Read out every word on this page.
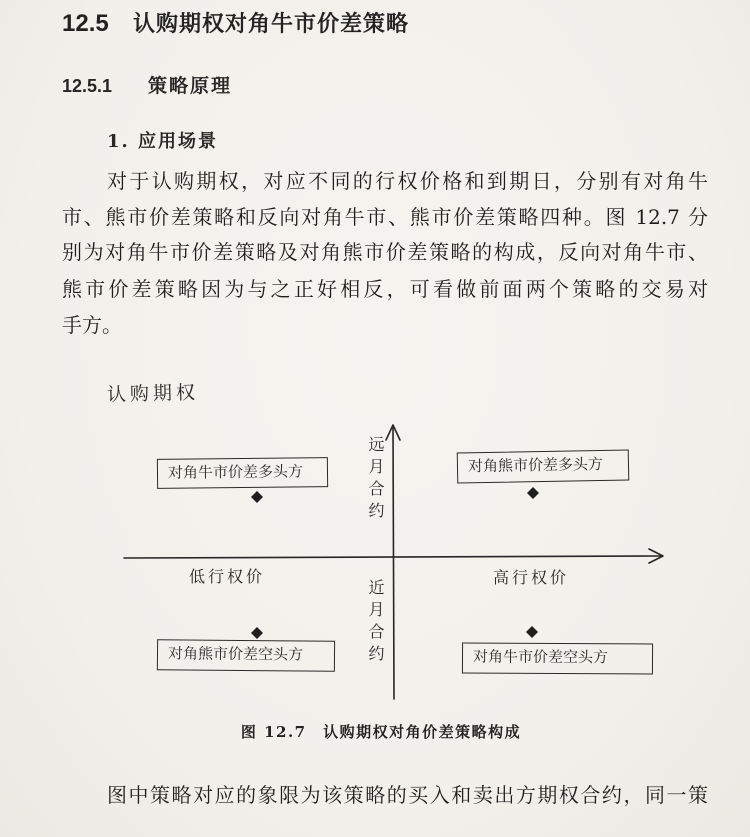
12.5 认购期权对角牛市价差策略
12.5.1 策略原理
1. 应用场景
对于认购期权，对应不同的行权价格和到期日，分别有对角牛
市、熊市价差策略和反向对角牛市、熊市价差策略四种。图 12.7 分
别为对角牛市价差策略及对角熊市价差策略的构成，反向对角牛市、
熊市价差策略因为与之正好相反，可看做前面两个策略的交易对
手方。
认购期权
远月合约
近月合约
低行权价	高行权价
对角牛市价差多头方	对角熊市价差多头方
对角熊市价差空头方	对角牛市价差空头方
图 12.7　认购期权对角价差策略构成
图中策略对应的象限为该策略的买入和卖出方期权合约，同一策
